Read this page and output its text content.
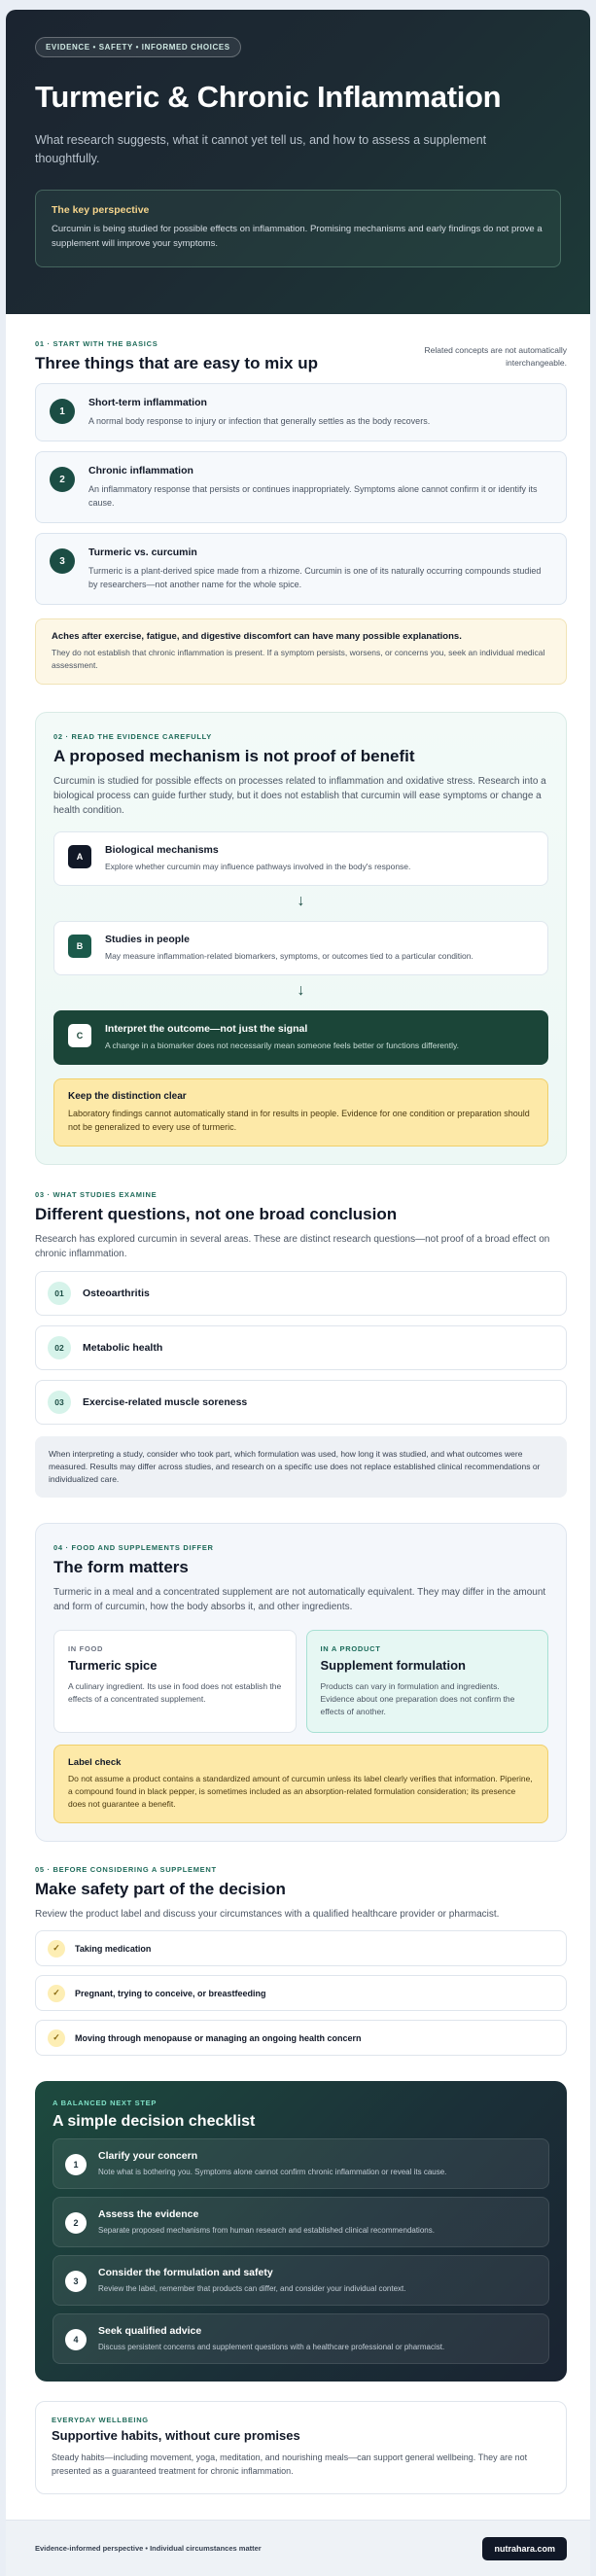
EVIDENCE • SAFETY • INFORMED CHOICES
Turmeric & Chronic Inflammation

What research suggests, what it cannot yet tell us, and how to assess a supplement thoughtfully.

The key perspective
Curcumin is being studied for possible effects on inflammation. Promising mechanisms and early findings do not prove a supplement will improve your symptoms.
01 · START WITH THE BASICS
Three things that are easy to mix up
Related concepts are not automatically interchangeable.
1
Short-term inflammation
A normal body response to injury or infection that generally settles as the body recovers.
2
Chronic inflammation
An inflammatory response that persists or continues inappropriately. Symptoms alone cannot confirm it or identify its cause.
3
Turmeric vs. curcumin
Turmeric is a plant-derived spice made from a rhizome. Curcumin is one of its naturally occurring compounds studied by researchers—not another name for the whole spice.
Aches after exercise, fatigue, and digestive discomfort can have many possible explanations.
They do not establish that chronic inflammation is present. If a symptom persists, worsens, or concerns you, seek an individual medical assessment.
02 · READ THE EVIDENCE CAREFULLY
A proposed mechanism is not proof of benefit

Curcumin is studied for possible effects on processes related to inflammation and oxidative stress. Research into a biological process can guide further study, but it does not establish that curcumin will ease symptoms or change a health condition.

A
Biological mechanisms
Explore whether curcumin may influence pathways involved in the body's response.
↓
B
Studies in people
May measure inflammation-related biomarkers, symptoms, or outcomes tied to a particular condition.
↓
C
Interpret the outcome—not just the signal
A change in a biomarker does not necessarily mean someone feels better or functions differently.
Keep the distinction clear
Laboratory findings cannot automatically stand in for results in people. Evidence for one condition or preparation should not be generalized to every use of turmeric.
03 · WHAT STUDIES EXAMINE
Different questions, not one broad conclusion

Research has explored curcumin in several areas. These are distinct research questions—not proof of a broad effect on chronic inflammation.

01	Osteoarthritis
02	Metabolic health
03	Exercise-related muscle soreness
When interpreting a study, consider who took part, which formulation was used, how long it was studied, and what outcomes were measured. Results may differ across studies, and research on a specific use does not replace established clinical recommendations or individualized care.
04 · FOOD AND SUPPLEMENTS DIFFER
The form matters

Turmeric in a meal and a concentrated supplement are not automatically equivalent. They may differ in the amount and form of curcumin, how the body absorbs it, and other ingredients.

IN FOOD
Turmeric spice
A culinary ingredient. Its use in food does not establish the effects of a concentrated supplement.
IN A PRODUCT
Supplement formulation
Products can vary in formulation and ingredients. Evidence about one preparation does not confirm the effects of another.
Label check
Do not assume a product contains a standardized amount of curcumin unless its label clearly verifies that information. Piperine, a compound found in black pepper, is sometimes included as an absorption-related formulation consideration; its presence does not guarantee a benefit.
05 · BEFORE CONSIDERING A SUPPLEMENT
Make safety part of the decision

Review the product label and discuss your circumstances with a qualified healthcare provider or pharmacist.

✓	Taking medication
✓	Pregnant, trying to conceive, or breastfeeding
✓	Moving through menopause or managing an ongoing health concern
A BALANCED NEXT STEP
A simple decision checklist
1
Clarify your concern
Note what is bothering you. Symptoms alone cannot confirm chronic inflammation or reveal its cause.
2
Assess the evidence
Separate proposed mechanisms from human research and established clinical recommendations.
3
Consider the formulation and safety
Review the label, remember that products can differ, and consider your individual context.
4
Seek qualified advice
Discuss persistent concerns and supplement questions with a healthcare professional or pharmacist.
EVERYDAY WELLBEING
Supportive habits, without cure promises
Steady habits—including movement, yoga, meditation, and nourishing meals—can support general wellbeing. They are not presented as a guaranteed treatment for chronic inflammation.
Evidence-informed perspective • Individual circumstances matter	nutrahara.com
